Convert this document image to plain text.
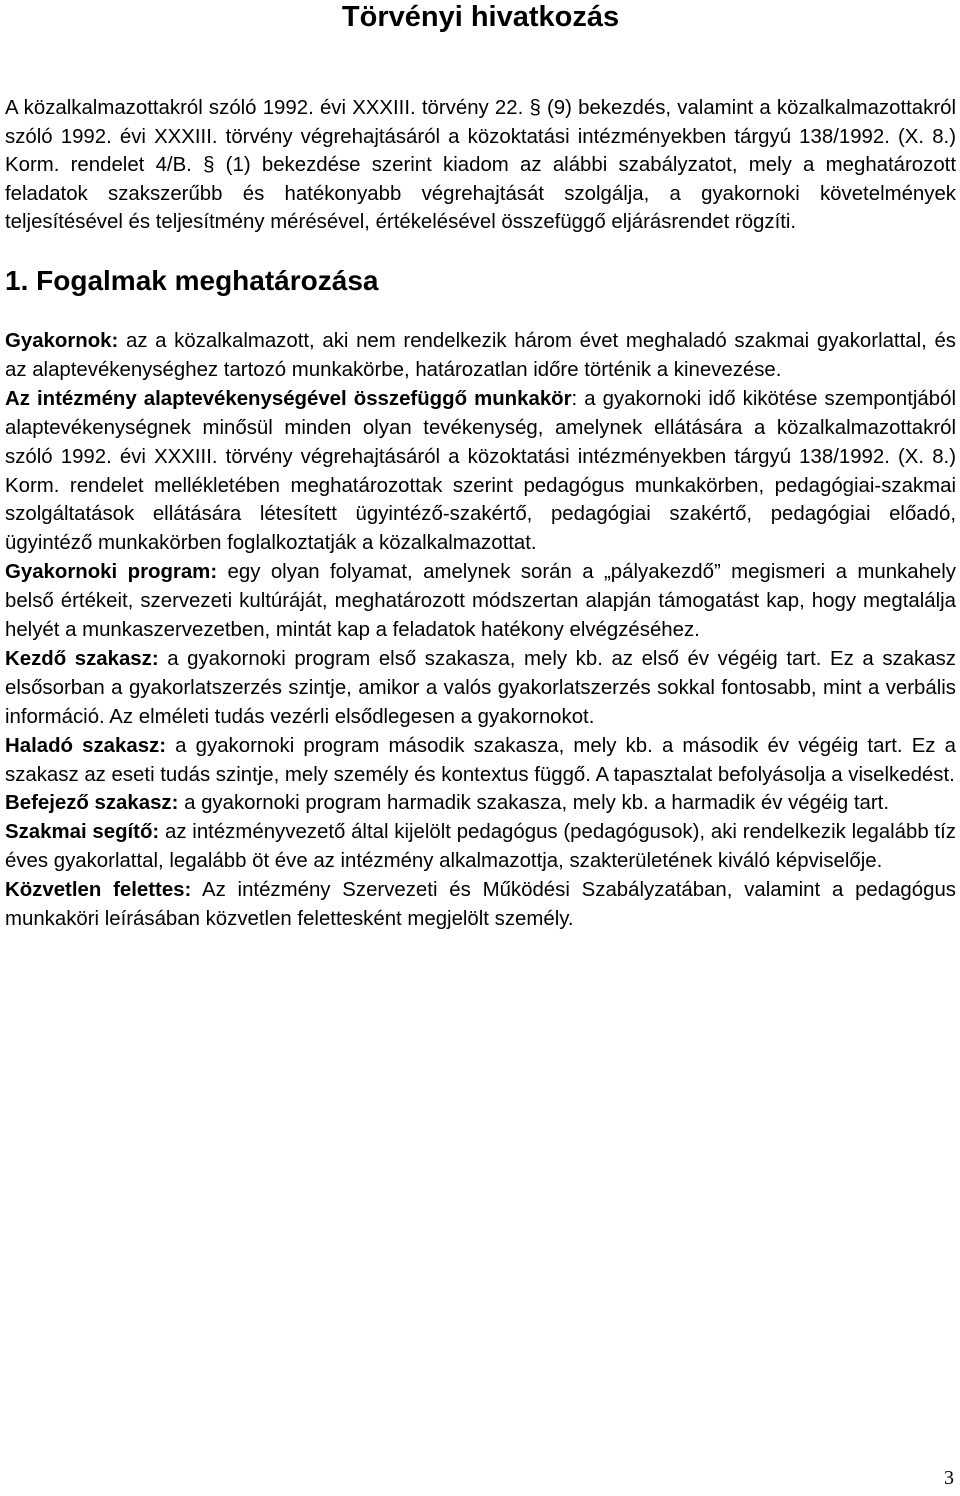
Törvényi hivatkozás

A közalkalmazottakról szóló 1992. évi XXXIII. törvény 22. § (9) bekezdés, valamint a közalkalmazottakról szóló 1992. évi XXXIII. törvény végrehajtásáról a közoktatási intézményekben tárgyú 138/1992. (X. 8.) Korm. rendelet 4/B. § (1) bekezdése szerint kiadom az alábbi szabályzatot, mely a meghatározott feladatok szakszerűbb és hatékonyabb végrehajtását szolgálja, a gyakornoki követelmények teljesítésével és teljesítmény mérésével, értékelésével összefüggő eljárásrendet rögzíti.

1. Fogalmak meghatározása

Gyakornok: az a közalkalmazott, aki nem rendelkezik három évet meghaladó szakmai gyakorlattal, és az alaptevékenységhez tartozó munkakörbe, határozatlan időre történik a kinevezése.

Az intézmény alaptevékenységével összefüggő munkakör: a gyakornoki idő kikötése szempontjából alaptevékenységnek minősül minden olyan tevékenység, amelynek ellátására a közalkalmazottakról szóló 1992. évi XXXIII. törvény végrehajtásáról a közoktatási intézményekben tárgyú 138/1992. (X. 8.) Korm. rendelet mellékletében meghatározottak szerint pedagógus munkakörben, pedagógiai-szakmai szolgáltatások ellátására létesített ügyintéző-szakértő, pedagógiai szakértő, pedagógiai előadó, ügyintéző munkakörben foglalkoztatják a közalkalmazottat.

Gyakornoki program: egy olyan folyamat, amelynek során a „pályakezdő” megismeri a munkahely belső értékeit, szervezeti kultúráját, meghatározott módszertan alapján támogatást kap, hogy megtalálja helyét a munkaszervezetben, mintát kap a feladatok hatékony elvégzéséhez.

Kezdő szakasz: a gyakornoki program első szakasza, mely kb. az első év végéig tart. Ez a szakasz elsősorban a gyakorlatszerzés szintje, amikor a valós gyakorlatszerzés sokkal fontosabb, mint a verbális információ. Az elméleti tudás vezérli elsődlegesen a gyakornokot.

Haladó szakasz: a gyakornoki program második szakasza, mely kb. a második év végéig tart. Ez a szakasz az eseti tudás szintje, mely személy és kontextus függő. A tapasztalat befolyásolja a viselkedést.

Befejező szakasz: a gyakornoki program harmadik szakasza, mely kb. a harmadik év végéig tart.

Szakmai segítő: az intézményvezető által kijelölt pedagógus (pedagógusok), aki rendelkezik legalább tíz éves gyakorlattal, legalább öt éve az intézmény alkalmazottja, szakterületének kiváló képviselője.

Közvetlen felettes: Az intézmény Szervezeti és Működési Szabályzatában, valamint a pedagógus munkaköri leírásában közvetlen felettesként megjelölt személy.

3
